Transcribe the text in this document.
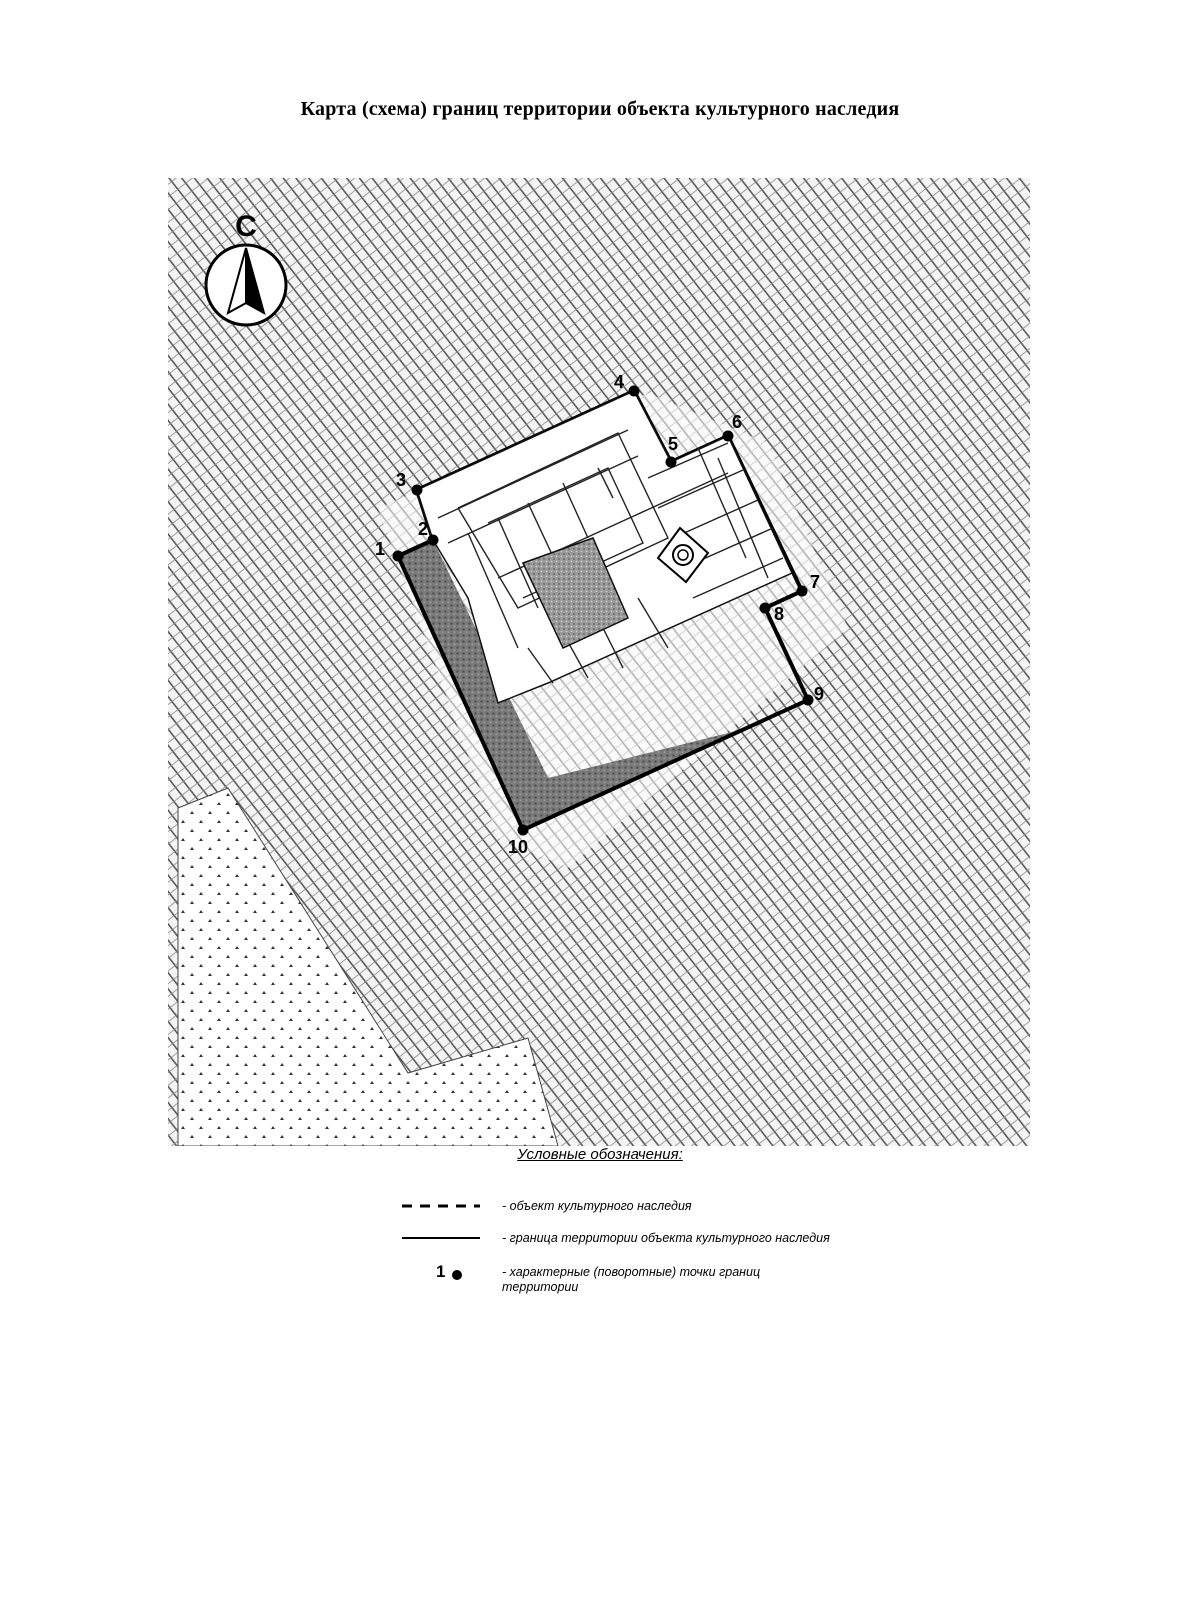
Карта (схема) границ территории объекта культурного наследия
С
1
2
3
4
5
6
7
8
9
10
Условные обозначения:
- объект культурного наследия
- граница территории объекта культурного наследия
1	- характерные (поворотные) точки границ территории
